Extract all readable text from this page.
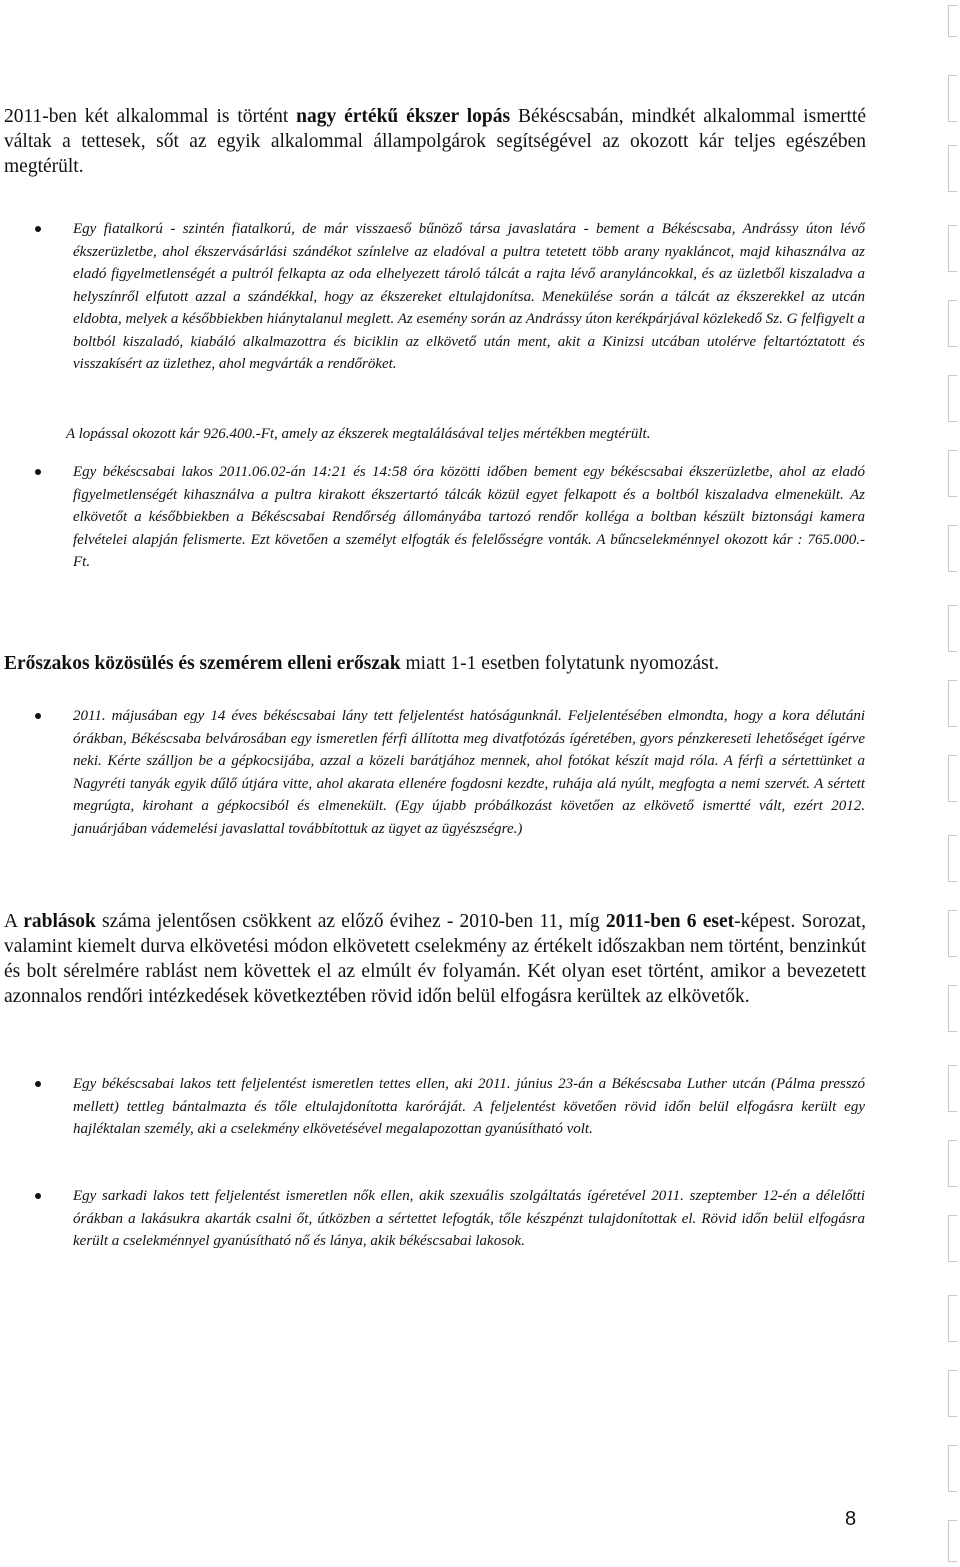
2011-ben két alkalommal is történt nagy értékű ékszer lopás Békéscsabán, mindkét alkalommal ismertté váltak a tettesek, sőt az egyik alkalommal állampolgárok segítségével az okozott kár teljes egészében megtérült.

Egy fiatalkorú - szintén fiatalkorú, de már visszaeső bűnöző társa javaslatára - bement a Békéscsaba, Andrássy úton lévő ékszerüzletbe, ahol ékszervásárlási szándékot színlelve az eladóval a pultra tetetett több arany nyakláncot, majd kihasználva az eladó figyelmetlenségét a pultról felkapta az oda elhelyezett tároló tálcát a rajta lévő aranyláncokkal, és az üzletből kiszaladva a helyszínről elfutott azzal a szándékkal, hogy az ékszereket eltulajdonítsa. Menekülése során a tálcát az ékszerekkel az utcán eldobta, melyek a későbbiekben hiánytalanul meglett. Az esemény során az Andrássy úton kerékpárjával közlekedő Sz. G felfigyelt a boltból kiszaladó, kiabáló alkalmazottra és biciklin az elkövető után ment, akit a Kinizsi utcában utolérve feltartóztatott és visszakísért az üzlethez, ahol megvárták a rendőröket.
A lopással okozott kár 926.400.-Ft, amely az ékszerek megtalálásával teljes mértékben megtérült.
Egy békéscsabai lakos 2011.06.02-án 14:21 és 14:58 óra közötti időben bement egy békéscsabai ékszerüzletbe, ahol az eladó figyelmetlenségét kihasználva a pultra kirakott ékszertartó tálcák közül egyet felkapott és a boltból kiszaladva elmenekült. Az elkövetőt a későbbiekben a Békéscsabai Rendőrség állományába tartozó rendőr kolléga a boltban készült biztonsági kamera felvételei alapján felismerte. Ezt követően a személyt elfogták és felelősségre vonták. A bűncselekménnyel okozott kár : 765.000.- Ft.
Erőszakos közösülés és szemérem elleni erőszak miatt 1-1 esetben folytatunk nyomozást.
2011. májusában egy 14 éves békéscsabai lány tett feljelentést hatóságunknál. Feljelentésében elmondta, hogy a kora délutáni órákban, Békéscsaba belvárosában egy ismeretlen férfi állította meg divatfotózás ígéretében, gyors pénzkereseti lehetőséget ígérve neki. Kérte szálljon be a gépkocsijába, azzal a közeli barátjához mennek, ahol fotókat készít majd róla. A férfi a sértettünket a Nagyréti tanyák egyik dűlő útjára vitte, ahol akarata ellenére fogdosni kezdte, ruhája alá nyúlt, megfogta a nemi szervét. A sértett megrúgta, kirohant a gépkocsiból és elmenekült. (Egy újabb próbálkozást követően az elkövető ismertté vált, ezért 2012. januárjában vádemelési javaslattal továbbítottuk az ügyet az ügyészségre.)

A rablások száma jelentősen csökkent az előző évihez - 2010-ben 11, míg 2011-ben 6 eset-képest. Sorozat, valamint kiemelt durva elkövetési módon elkövetett cselekmény az értékelt időszakban nem történt, benzinkút és bolt sérelmére rablást nem követtek el az elmúlt év folyamán. Két olyan eset történt, amikor a bevezetett azonnalos rendőri intézkedések következtében rövid időn belül elfogásra kerültek az elkövetők.

Egy békéscsabai lakos tett feljelentést ismeretlen tettes ellen, aki 2011. június 23-án a Békéscsaba Luther utcán (Pálma presszó mellett) tettleg bántalmazta és tőle eltulajdonította karóráját. A feljelentést követően rövid időn belül elfogásra került egy hajléktalan személy, aki a cselekmény elkövetésével megalapozottan gyanúsítható volt.
Egy sarkadi lakos tett feljelentést ismeretlen nők ellen, akik szexuális szolgáltatás ígéretével 2011. szeptember 12-én a délelőtti órákban a lakásukra akarták csalni őt, útközben a sértettet lefogták, tőle készpénzt tulajdonítottak el. Rövid időn belül elfogásra került a cselekménnyel gyanúsítható nő és lánya, akik békéscsabai lakosok.
8
